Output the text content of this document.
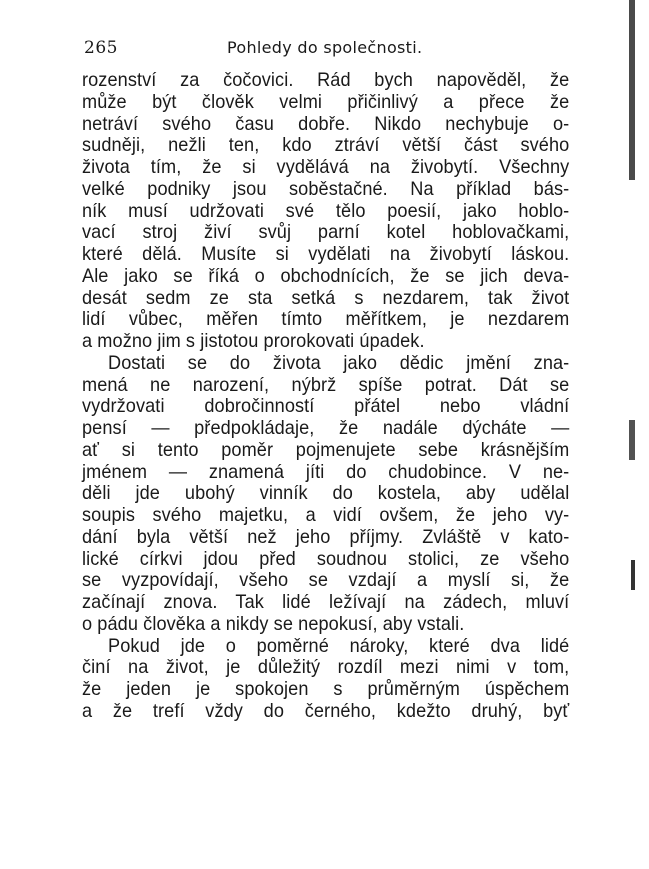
265	Pohledy do společnosti.
rozenství za čočovici. Rád bych napověděl, že
může být člověk velmi přičinlivý a přece že
netráví svého času dobře. Nikdo nechybuje o-
sudněji, nežli ten, kdo ztráví větší část svého
života tím, že si vydělává na živobytí. Všechny
velké podniky jsou soběstačné. Na příklad bás-
ník musí udržovati své tělo poesií, jako hoblo-
vací stroj živí svůj parní kotel hoblovačkami,
které dělá. Musíte si vydělati na živobytí láskou.
Ale jako se říká o obchodnících, že se jich deva-
desát sedm ze sta setká s nezdarem, tak život
lidí vůbec, měřen tímto měřítkem, je nezdarem
a možno jim s jistotou prorokovati úpadek.
Dostati se do života jako dědic jmění zna-
mená ne narození, nýbrž spíše potrat. Dát se
vydržovati dobročinností přátel nebo vládní
pensí — předpokládaje, že nadále dýcháte —
ať si tento poměr pojmenujete sebe krásnějším
jménem — znamená jíti do chudobince. V ne-
děli jde ubohý vinník do kostela, aby udělal
soupis svého majetku, a vidí ovšem, že jeho vy-
dání byla větší než jeho příjmy. Zvláště v kato-
lické církvi jdou před soudnou stolici, ze všeho
se vyzpovídají, všeho se vzdají a myslí si, že
začínají znova. Tak lidé ležívají na zádech, mluví
o pádu člověka a nikdy se nepokusí, aby vstali.
Pokud jde o poměrné nároky, které dva lidé
činí na život, je důležitý rozdíl mezi nimi v tom,
že jeden je spokojen s průměrným úspěchem
a že trefí vždy do černého, kdežto druhý, byť
